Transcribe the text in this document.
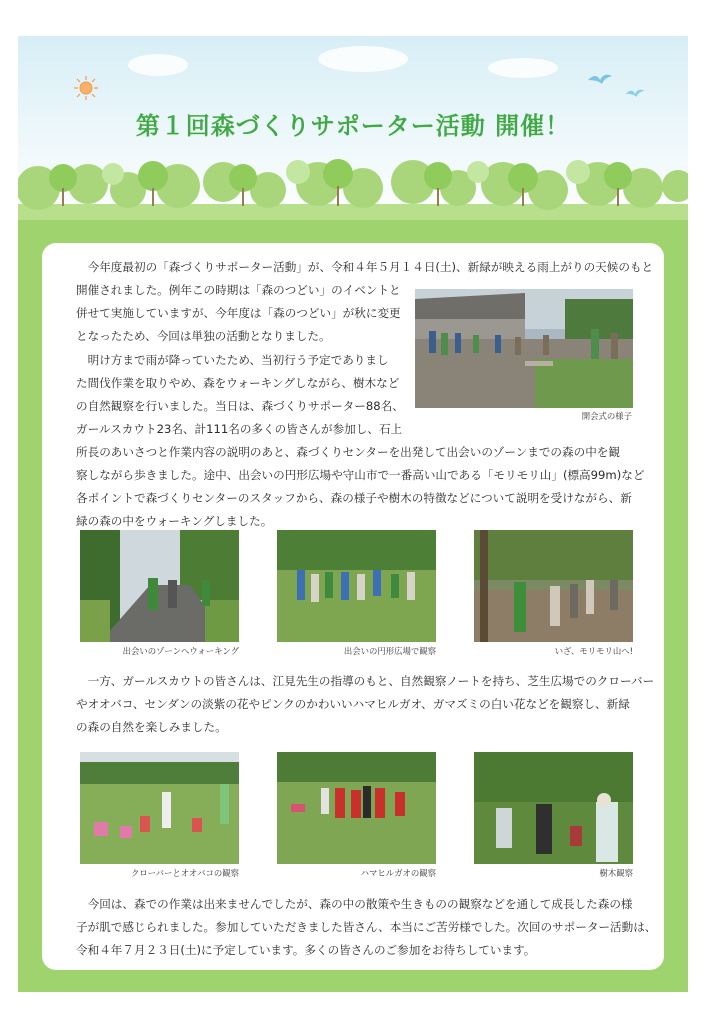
第１回森づくりサポーター活動 開催！

　今年度最初の「森づくりサポーター活動」が、令和４年５月１４日(土)、新緑が映える雨上がりの天候のもと

開催されました。例年この時期は「森のつどい」のイベントと

併せて実施していますが、今年度は「森のつどい」が秋に変更

となったため、今回は単独の活動となりました。

　明け方まで雨が降っていたため、当初行う予定でありまし

た間伐作業を取りやめ、森をウォーキングしながら、樹木など

の自然観察を行いました。当日は、森づくりサポーター88名、

ガールスカウト23名、計111名の多くの皆さんが参加し、石上

所長のあいさつと作業内容の説明のあと、森づくりセンターを出発して出会いのゾーンまでの森の中を観

察しながら歩きました。途中、出会いの円形広場や守山市で一番高い山である「モリモリ山」(標高99m)など

各ポイントで森づくりセンターのスタッフから、森の様子や樹木の特徴などについて説明を受けながら、新

緑の森の中をウォーキングしました。

開会式の様子
出会いのゾーンへウォーキング	出会いの円形広場で観察	いざ、モリモリ山へ!

　一方、ガールスカウトの皆さんは、江見先生の指導のもと、自然観察ノートを持ち、芝生広場でのクローバー

やオオバコ、センダンの淡紫の花やピンクのかわいいハマヒルガオ、ガマズミの白い花などを観察し、新緑

の森の自然を楽しみました。

クローバーとオオバコの観察	ハマヒルガオの観察	樹木観察

　今回は、森での作業は出来ませんでしたが、森の中の散策や生きものの観察などを通して成長した森の様

子が肌で感じられました。参加していただきました皆さん、本当にご苦労様でした。次回のサポーター活動は、

令和４年７月２３日(土)に予定しています。多くの皆さんのご参加をお待ちしています。
